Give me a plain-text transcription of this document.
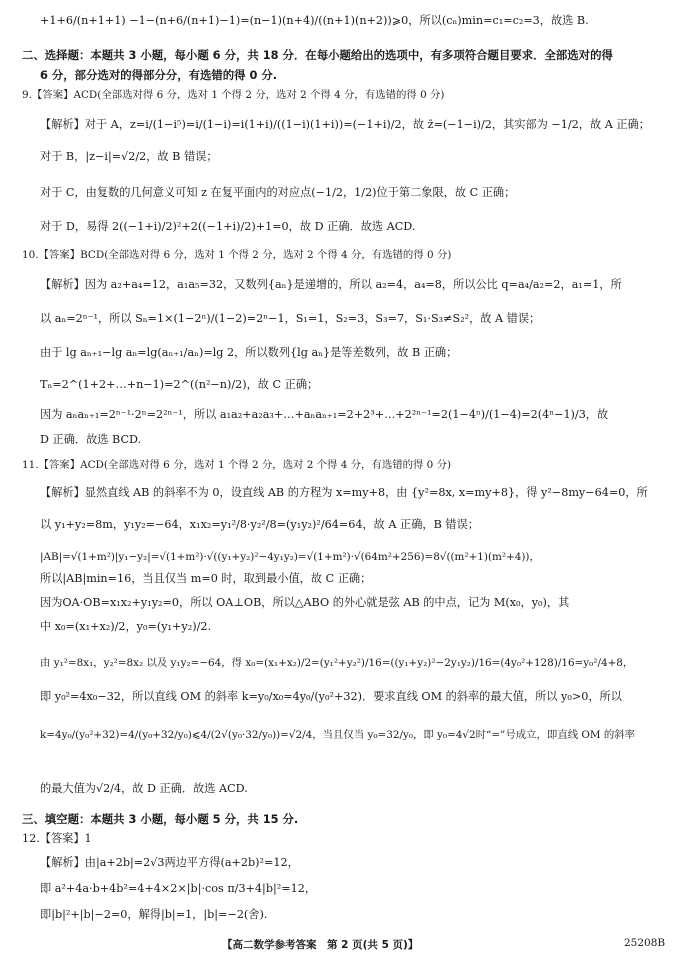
+1+6/(n+1+1) −1−(n+6/(n+1)−1)=(n−1)(n+4)/((n+1)(n+2))⩾0，所以(cₙ)min=c₁=c₂=3，故选 B.
二、选择题：本题共 3 小题，每小题 6 分，共 18 分．在每小题给出的选项中，有多项符合题目要求．全部选对的得
6 分，部分选对的得部分分，有选错的得 0 分.
9.【答案】ACD(全部选对得 6 分，选对 1 个得 2 分，选对 2 个得 4 分，有选错的得 0 分)
【解析】对于 A，z=i/(1−i⁵)=i/(1−i)=i(1+i)/((1−i)(1+i))=(−1+i)/2，故 z̄=(−1−i)/2，其实部为 −1/2，故 A 正确；
对于 B，|z−i|=√2/2，故 B 错误；
对于 C，由复数的几何意义可知 z 在复平面内的对应点(−1/2，1/2)位于第二象限，故 C 正确；
对于 D，易得 2((−1+i)/2)²+2((−1+i)/2)+1=0，故 D 正确．故选 ACD.
10.【答案】BCD(全部选对得 6 分，选对 1 个得 2 分，选对 2 个得 4 分，有选错的得 0 分)
【解析】因为 a₂+a₄=12，a₁a₅=32，又数列{aₙ}是递增的，所以 a₂=4，a₄=8，所以公比 q=a₄/a₂=2，a₁=1，所
以 aₙ=2ⁿ⁻¹，所以 Sₙ=1×(1−2ⁿ)/(1−2)=2ⁿ−1，S₁=1，S₂=3，S₃=7，S₁·S₃≠S₂²，故 A 错误；
由于 lg aₙ₊₁−lg aₙ=lg(aₙ₊₁/aₙ)=lg 2，所以数列{lg aₙ}是等差数列，故 B 正确；
Tₙ=2^(1+2+…+n−1)=2^((n²−n)/2)，故 C 正确；
因为 aₙaₙ₊₁=2ⁿ⁻¹·2ⁿ=2²ⁿ⁻¹，所以 a₁a₂+a₂a₃+…+aₙaₙ₊₁=2+2³+…+2²ⁿ⁻¹=2(1−4ⁿ)/(1−4)=2(4ⁿ−1)/3，故
D 正确．故选 BCD.
11.【答案】ACD(全部选对得 6 分，选对 1 个得 2 分，选对 2 个得 4 分，有选错的得 0 分)
【解析】显然直线 AB 的斜率不为 0，设直线 AB 的方程为 x=my+8，由 {y²=8x, x=my+8}，得 y²−8my−64=0，所
以 y₁+y₂=8m，y₁y₂=−64，x₁x₂=y₁²/8·y₂²/8=(y₁y₂)²/64=64，故 A 正确，B 错误；
|AB|=√(1+m²)|y₁−y₂|=√(1+m²)·√((y₁+y₂)²−4y₁y₂)=√(1+m²)·√(64m²+256)=8√((m²+1)(m²+4))，
所以|AB|min=16，当且仅当 m=0 时，取到最小值，故 C 正确；
因为OA·OB=x₁x₂+y₁y₂=0，所以 OA⊥OB，所以△ABO 的外心就是弦 AB 的中点，记为 M(x₀，y₀)，其
中 x₀=(x₁+x₂)/2，y₀=(y₁+y₂)/2.
由 y₁²=8x₁，y₂²=8x₂ 以及 y₁y₂=−64，得 x₀=(x₁+x₂)/2=(y₁²+y₂²)/16=((y₁+y₂)²−2y₁y₂)/16=(4y₀²+128)/16=y₀²/4+8，
即 y₀²=4x₀−32，所以直线 OM 的斜率 k=y₀/x₀=4y₀/(y₀²+32)．要求直线 OM 的斜率的最大值，所以 y₀>0，所以
k=4y₀/(y₀²+32)=4/(y₀+32/y₀)⩽4/(2√(y₀·32/y₀))=√2/4，当且仅当 y₀=32/y₀，即 y₀=4√2时“=”号成立，即直线 OM 的斜率
的最大值为√2/4，故 D 正确．故选 ACD.
三、填空题：本题共 3 小题，每小题 5 分，共 15 分.
12.【答案】1
【解析】由|a+2b|=2√3两边平方得(a+2b)²=12，
即 a²+4a·b+4b²=4+4×2×|b|·cos π/3+4|b|²=12，
即|b|²+|b|−2=0，解得|b|=1，|b|=−2(舍).
【高二数学参考答案　第 2 页(共 5 页)】	25208B
